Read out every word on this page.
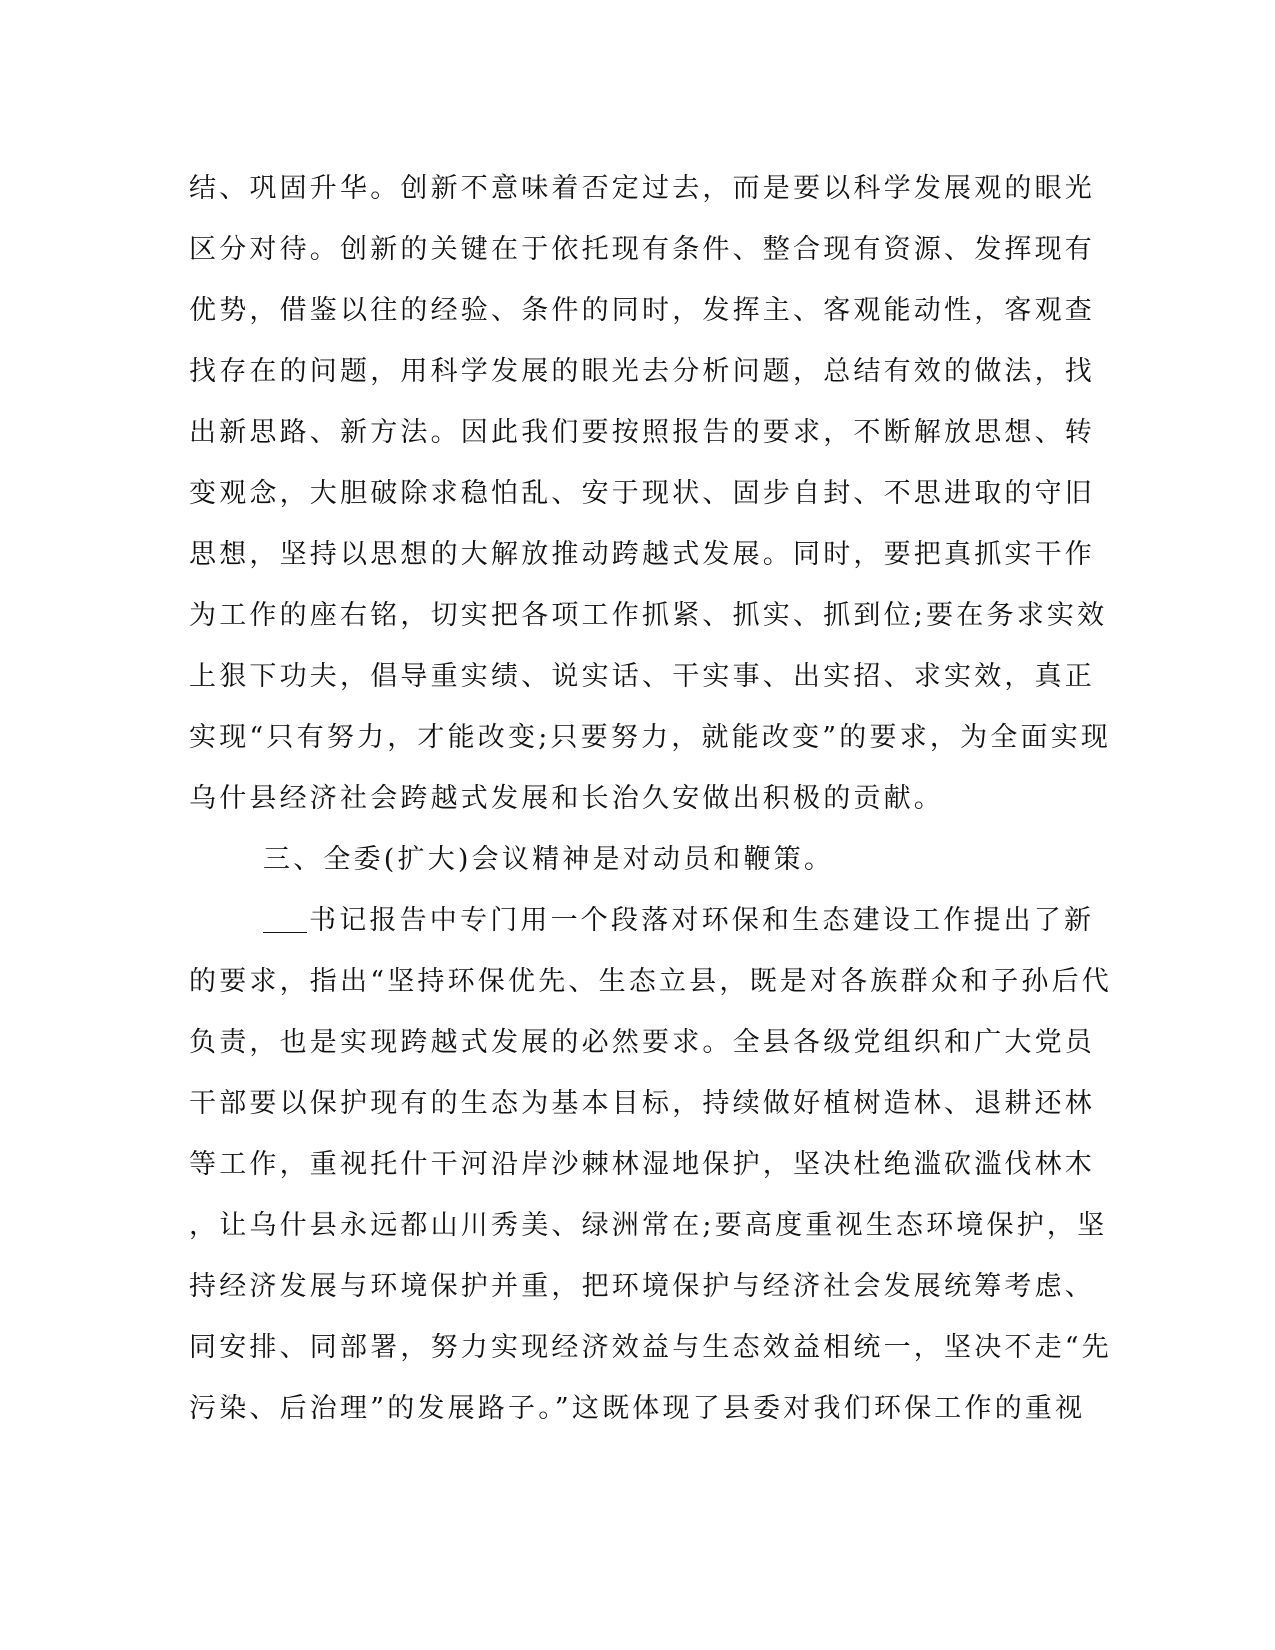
结、巩固升华。创新不意味着否定过去，而是要以科学发展观的眼光
区分对待。创新的关键在于依托现有条件、整合现有资源、发挥现有
优势，借鉴以往的经验、条件的同时，发挥主、客观能动性，客观查
找存在的问题，用科学发展的眼光去分析问题，总结有效的做法，找
出新思路、新方法。因此我们要按照报告的要求，不断解放思想、转
变观念，大胆破除求稳怕乱、安于现状、固步自封、不思进取的守旧
思想，坚持以思想的大解放推动跨越式发展。同时，要把真抓实干作
为工作的座右铭，切实把各项工作抓紧、抓实、抓到位;要在务求实效
上狠下功夫，倡导重实绩、说实话、干实事、出实招、求实效，真正
实现“只有努力，才能改变;只要努力，就能改变”的要求，为全面实现
乌什县经济社会跨越式发展和长治久安做出积极的贡献。
三、全委(扩大)会议精神是对动员和鞭策。
书记报告中专门用一个段落对环保和生态建设工作提出了新
的要求，指出“坚持环保优先、生态立县，既是对各族群众和子孙后代
负责，也是实现跨越式发展的必然要求。全县各级党组织和广大党员
干部要以保护现有的生态为基本目标，持续做好植树造林、退耕还林
等工作，重视托什干河沿岸沙棘林湿地保护，坚决杜绝滥砍滥伐林木
，让乌什县永远都山川秀美、绿洲常在;要高度重视生态环境保护，坚
持经济发展与环境保护并重，把环境保护与经济社会发展统筹考虑、
同安排、同部署，努力实现经济效益与生态效益相统一，坚决不走“先
污染、后治理”的发展路子。”这既体现了县委对我们环保工作的重视
